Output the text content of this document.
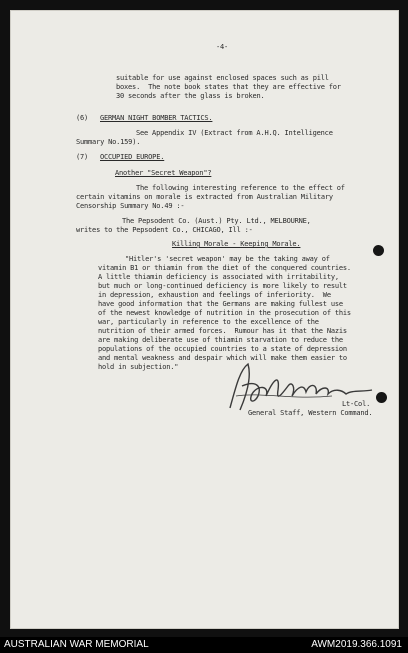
-4-
suitable for use against enclosed spaces such as pill
boxes.  The note book states that they are effective for
30 seconds after the glass is broken.
(6) GERMAN NIGHT BOMBER TACTICS.
See Appendix IV (Extract from A.H.Q. Intelligence
Summary No.159).
(7) OCCUPIED EUROPE.
Another "Secret Weapon"?
The following interesting reference to the effect of
certain vitamins on morale is extracted from Australian Military
Censorship Summary No.49 :-
The Pepsodent Co. (Aust.) Pty. Ltd., MELBOURNE,
writes to the Pepsodent Co., CHICAGO, Ill :-
Killing Morale - Keeping Morale.
"Hitler's 'secret weapon' may be the taking away of
vitamin B1 or thiamin from the diet of the conquered countries.
A little thiamin deficiency is associated with irritability,
but much or long-continued deficiency is more likely to result
in depression, exhaustion and feelings of inferiority.  We
have good information that the Germans are making fullest use
of the newest knowledge of nutrition in the prosecution of this
war, particularly in reference to the excellence of the
nutrition of their armed forces.  Rumour has it that the Nazis
are making deliberate use of thiamin starvation to reduce the
populations of the occupied countries to a state of depression
and mental weakness and despair which will make them easier to
hold in subjection."
Lt-Col.
General Staff, Western Command.
AUSTRALIAN WAR MEMORIAL	AWM2019.366.1091
